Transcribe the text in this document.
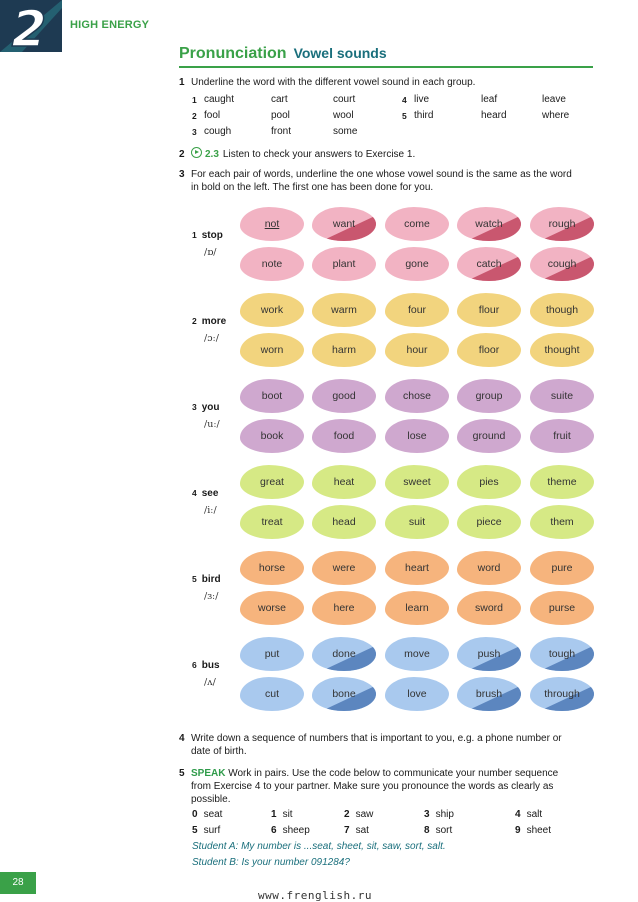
2 HIGH ENERGY
Pronunciation Vowel sounds
1 Underline the word with the different vowel sound in each group.
1 caught	cart	court
2 fool	pool	wool
3 cough	front	some
4 live	leaf	leave
5 third	heard	where
2 2.3 Listen to check your answers to Exercise 1.
3 For each pair of words, underline the one whose vowel sound is the same as the word
in bold on the left. The first one has been done for you.
1 stop
/ɒ/
not	want	come	watch	rough
note	plant	gone	catch	cough
2 more
/ɔː/
work	warm	four	flour	though
worn	harm	hour	floor	thought
3 you
/uː/
boot	good	chose	group	suite
book	food	lose	ground	fruit
4 see
/iː/
great	heat	sweet	pies	theme
treat	head	suit	piece	them
5 bird
/ɜː/
horse	were	heart	word	pure
worse	here	learn	sword	purse
6 bus
/ʌ/
put	done	move	push	tough
cut	bone	love	brush	through
4 Write down a sequence of numbers that is important to you, e.g. a phone number or
date of birth.
5 SPEAK Work in pairs. Use the code below to communicate your number sequence
from Exercise 4 to your partner. Make sure you pronounce the words as clearly as
possible.
0 seat	1 sit	2 saw	3 ship	4 salt
5 surf	6 sheep	7 sat	8 sort	9 sheet
Student A: My number is ...seat, sheet, sit, saw, sort, salt.
Student B: Is your number 091284?
28
www.frenglish.ru
